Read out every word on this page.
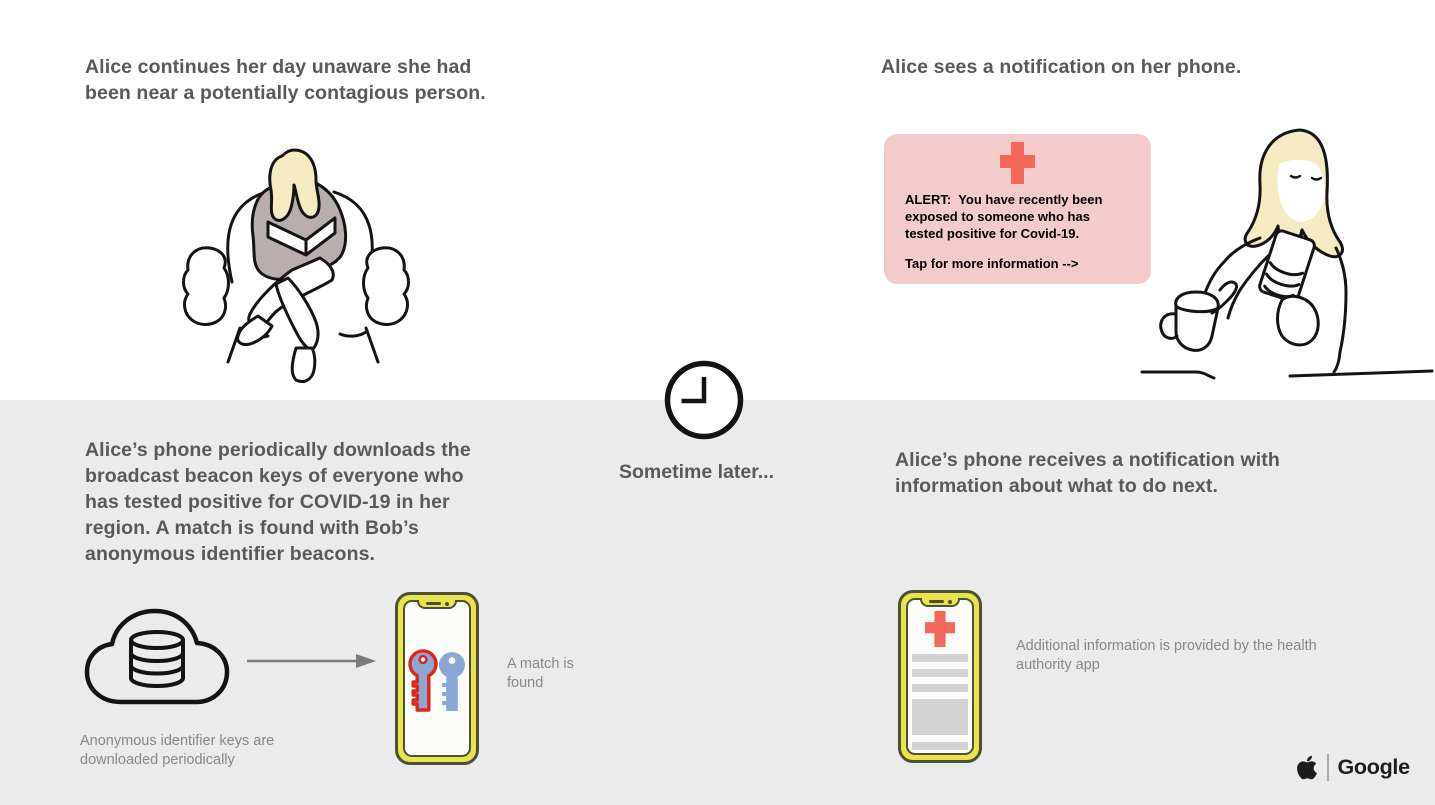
Alice continues her day unaware she had been near a potentially contagious person.
Alice sees a notification on her phone.

ALERT:  You have recently been exposed to someone who has tested positive for Covid-19.

Tap for more information -->

Sometime later...
Alice’s phone periodically downloads the broadcast beacon keys of everyone who has tested positive for COVID-19 in her region. A match is found with Bob’s anonymous identifier beacons.
Anonymous identifier keys are downloaded periodically
A match is found
Alice’s phone receives a notification with information about what to do next.
Additional information is provided by the health authority app
Google
